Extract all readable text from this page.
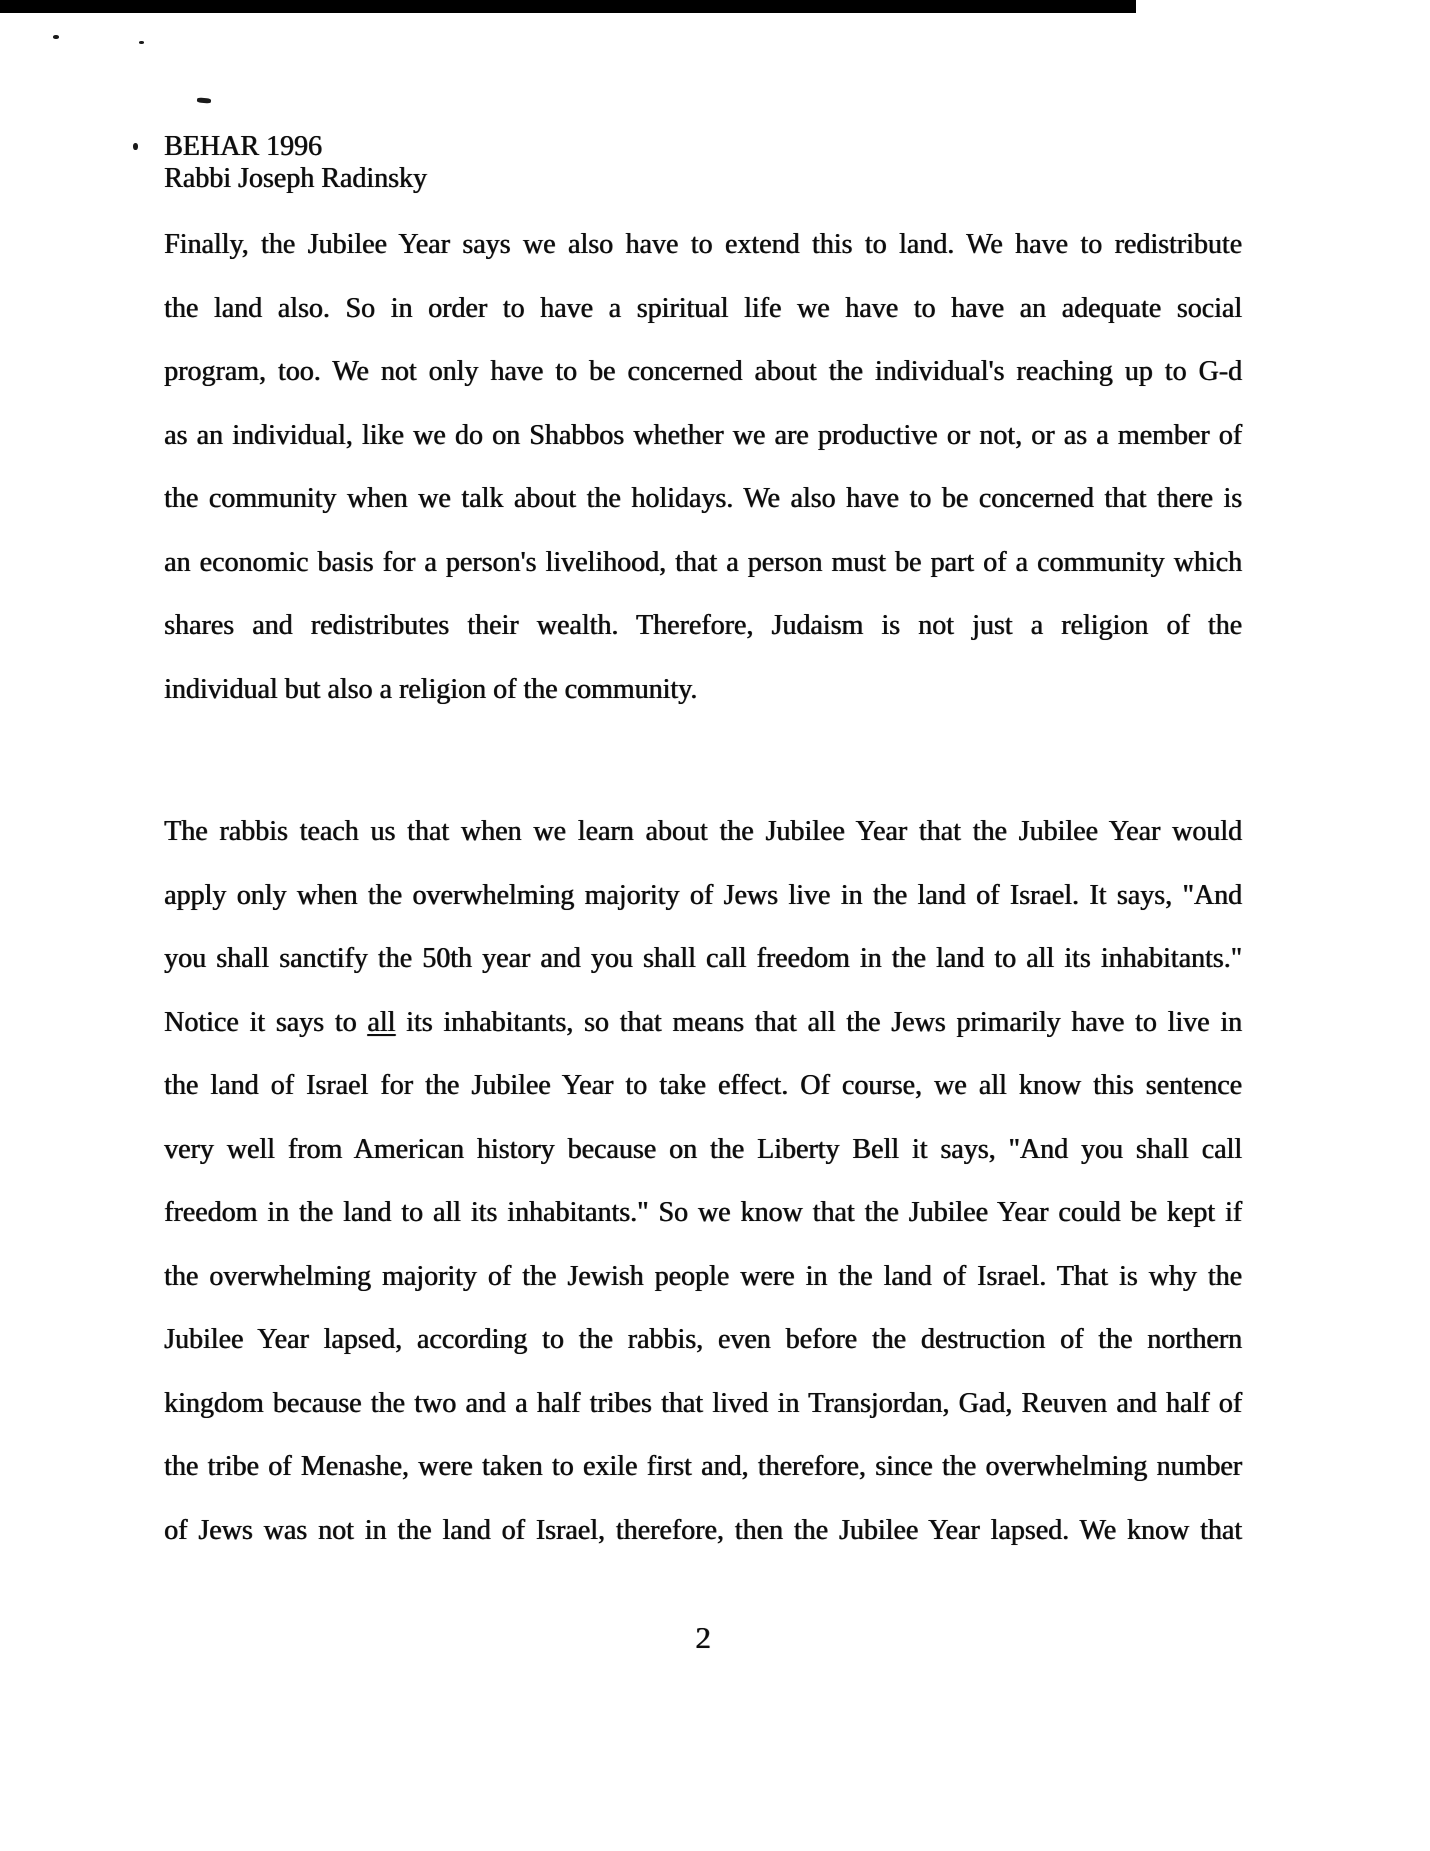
BEHAR 1996
Rabbi Joseph Radinsky
Finally, the Jubilee Year says we also have to extend this to land. We have to redistribute
the land also. So in order to have a spiritual life we have to have an adequate social
program, too. We not only have to be concerned about the individual's reaching up to G-d
as an individual, like we do on Shabbos whether we are productive or not, or as a member of
the community when we talk about the holidays. We also have to be concerned that there is
an economic basis for a person's livelihood, that a person must be part of a community which
shares and redistributes their wealth. Therefore, Judaism is not just a religion of the
individual but also a religion of the community.
The rabbis teach us that when we learn about the Jubilee Year that the Jubilee Year would
apply only when the overwhelming majority of Jews live in the land of Israel. It says, "And
you shall sanctify the 50th year and you shall call freedom in the land to all its inhabitants."
Notice it says to all its inhabitants, so that means that all the Jews primarily have to live in
the land of Israel for the Jubilee Year to take effect. Of course, we all know this sentence
very well from American history because on the Liberty Bell it says, "And you shall call
freedom in the land to all its inhabitants." So we know that the Jubilee Year could be kept if
the overwhelming majority of the Jewish people were in the land of Israel. That is why the
Jubilee Year lapsed, according to the rabbis, even before the destruction of the northern
kingdom because the two and a half tribes that lived in Transjordan, Gad, Reuven and half of
the tribe of Menashe, were taken to exile first and, therefore, since the overwhelming number
of Jews was not in the land of Israel, therefore, then the Jubilee Year lapsed. We know that
2
